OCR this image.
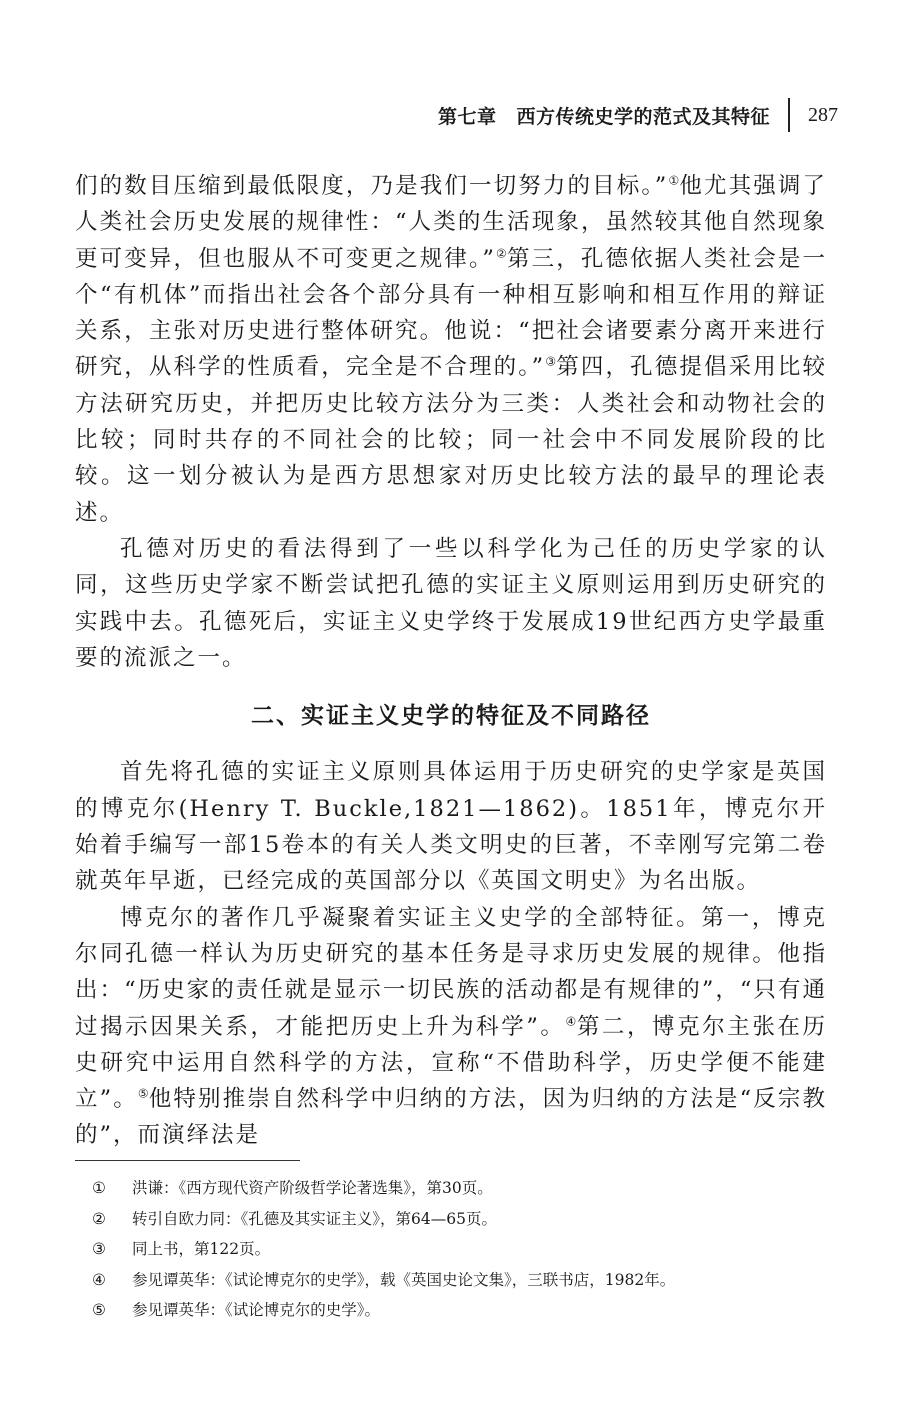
第七章 西方传统史学的范式及其特征 287

们的数目压缩到最低限度，乃是我们一切努力的目标。”①他尤其强调了人类社会历史发展的规律性：“人类的生活现象，虽然较其他自然现象更可变异，但也服从不可变更之规律。”②第三，孔德依据人类社会是一个“有机体”而指出社会各个部分具有一种相互影响和相互作用的辩证关系，主张对历史进行整体研究。他说：“把社会诸要素分离开来进行研究，从科学的性质看，完全是不合理的。”③第四，孔德提倡采用比较方法研究历史，并把历史比较方法分为三类：人类社会和动物社会的比较；同时共存的不同社会的比较；同一社会中不同发展阶段的比较。这一划分被认为是西方思想家对历史比较方法的最早的理论表述。

孔德对历史的看法得到了一些以科学化为己任的历史学家的认同，这些历史学家不断尝试把孔德的实证主义原则运用到历史研究的实践中去。孔德死后，实证主义史学终于发展成19世纪西方史学最重要的流派之一。

二、实证主义史学的特征及不同路径

首先将孔德的实证主义原则具体运用于历史研究的史学家是英国的博克尔(Henry T. Buckle,1821—1862)。1851年，博克尔开始着手编写一部15卷本的有关人类文明史的巨著，不幸刚写完第二卷就英年早逝，已经完成的英国部分以《英国文明史》为名出版。

博克尔的著作几乎凝聚着实证主义史学的全部特征。第一，博克尔同孔德一样认为历史研究的基本任务是寻求历史发展的规律。他指出：“历史家的责任就是显示一切民族的活动都是有规律的”，“只有通过揭示因果关系，才能把历史上升为科学”。④第二，博克尔主张在历史研究中运用自然科学的方法，宣称“不借助科学，历史学便不能建立”。⑤他特别推崇自然科学中归纳的方法，因为归纳的方法是“反宗教的”，而演绎法是

①	洪谦：《西方现代资产阶级哲学论著选集》，第30页。
②	转引自欧力同：《孔德及其实证主义》，第64—65页。
③	同上书，第122页。
④	参见谭英华：《试论博克尔的史学》，载《英国史论文集》，三联书店，1982年。
⑤	参见谭英华：《试论博克尔的史学》。
